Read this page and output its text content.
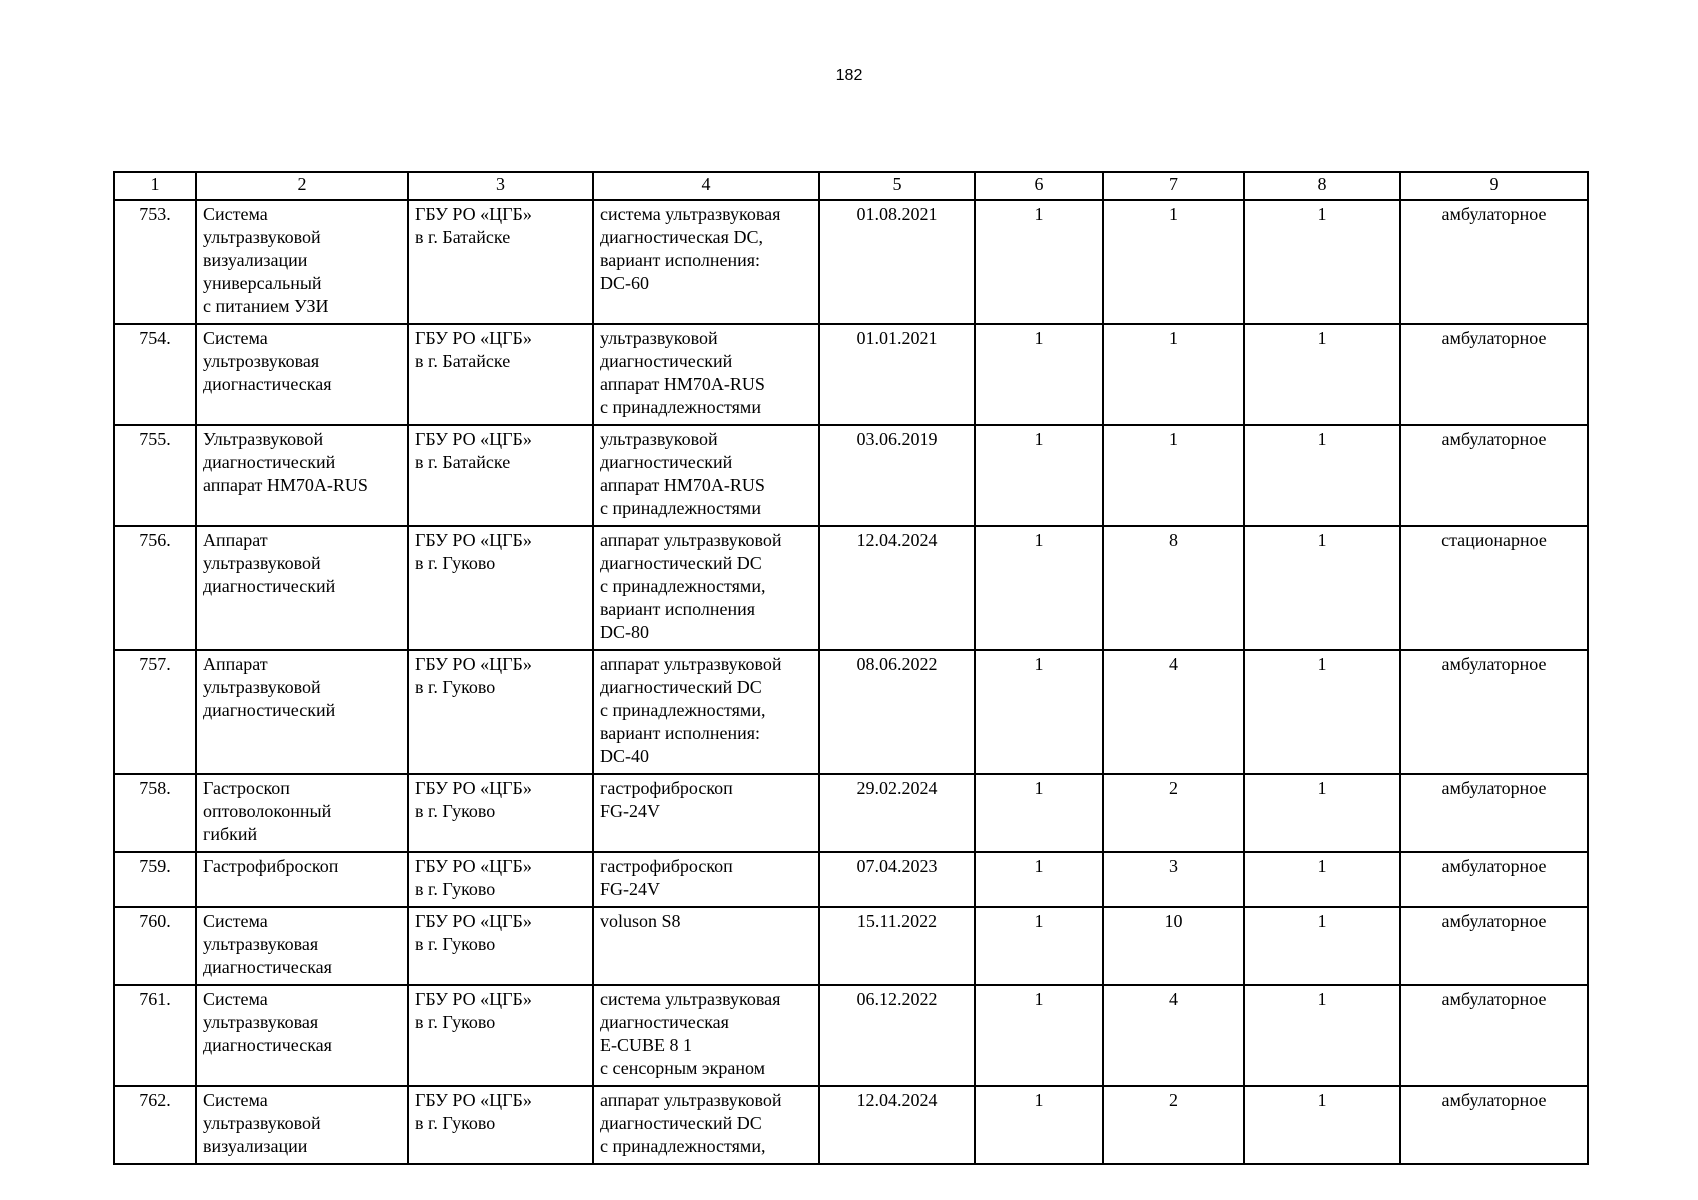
182
1	2	3	4	5	6	7	8	9
753.	Система
ультразвуковой
визуализации
универсальный
с питанием УЗИ	ГБУ РО «ЦГБ»
в г. Батайске	система ультразвуковая
диагностическая DC,
вариант исполнения:
DC-60	01.08.2021	1	1	1	амбулаторное
754.	Система
ультрозвуковая
диогнастическая	ГБУ РО «ЦГБ»
в г. Батайске	ультразвуковой
диагностический
аппарат HM70A-RUS
с принадлежностями	01.01.2021	1	1	1	амбулаторное
755.	Ультразвуковой
диагностический
аппарат HM70A-RUS	ГБУ РО «ЦГБ»
в г. Батайске	ультразвуковой
диагностический
аппарат HM70A-RUS
с принадлежностями	03.06.2019	1	1	1	амбулаторное
756.	Аппарат
ультразвуковой
диагностический	ГБУ РО «ЦГБ»
в г. Гуково	аппарат ультразвуковой
диагностический DC
с принадлежностями,
вариант исполнения
DC-80	12.04.2024	1	8	1	стационарное
757.	Аппарат
ультразвуковой
диагностический	ГБУ РО «ЦГБ»
в г. Гуково	аппарат ультразвуковой
диагностический DC
с принадлежностями,
вариант исполнения:
DC-40	08.06.2022	1	4	1	амбулаторное
758.	Гастроскоп
оптоволоконный
гибкий	ГБУ РО «ЦГБ»
в г. Гуково	гастрофиброскоп
FG-24V	29.02.2024	1	2	1	амбулаторное
759.	Гастрофиброскоп	ГБУ РО «ЦГБ»
в г. Гуково	гастрофиброскоп
FG-24V	07.04.2023	1	3	1	амбулаторное
760.	Система
ультразвуковая
диагностическая	ГБУ РО «ЦГБ»
в г. Гуково	voluson S8	15.11.2022	1	10	1	амбулаторное
761.	Система
ультразвуковая
диагностическая	ГБУ РО «ЦГБ»
в г. Гуково	система ультразвуковая
диагностическая
E-CUBE 8 1
с сенсорным экраном	06.12.2022	1	4	1	амбулаторное
762.	Система
ультразвуковой
визуализации	ГБУ РО «ЦГБ»
в г. Гуково	аппарат ультразвуковой
диагностический DC
с принадлежностями,	12.04.2024	1	2	1	амбулаторное
